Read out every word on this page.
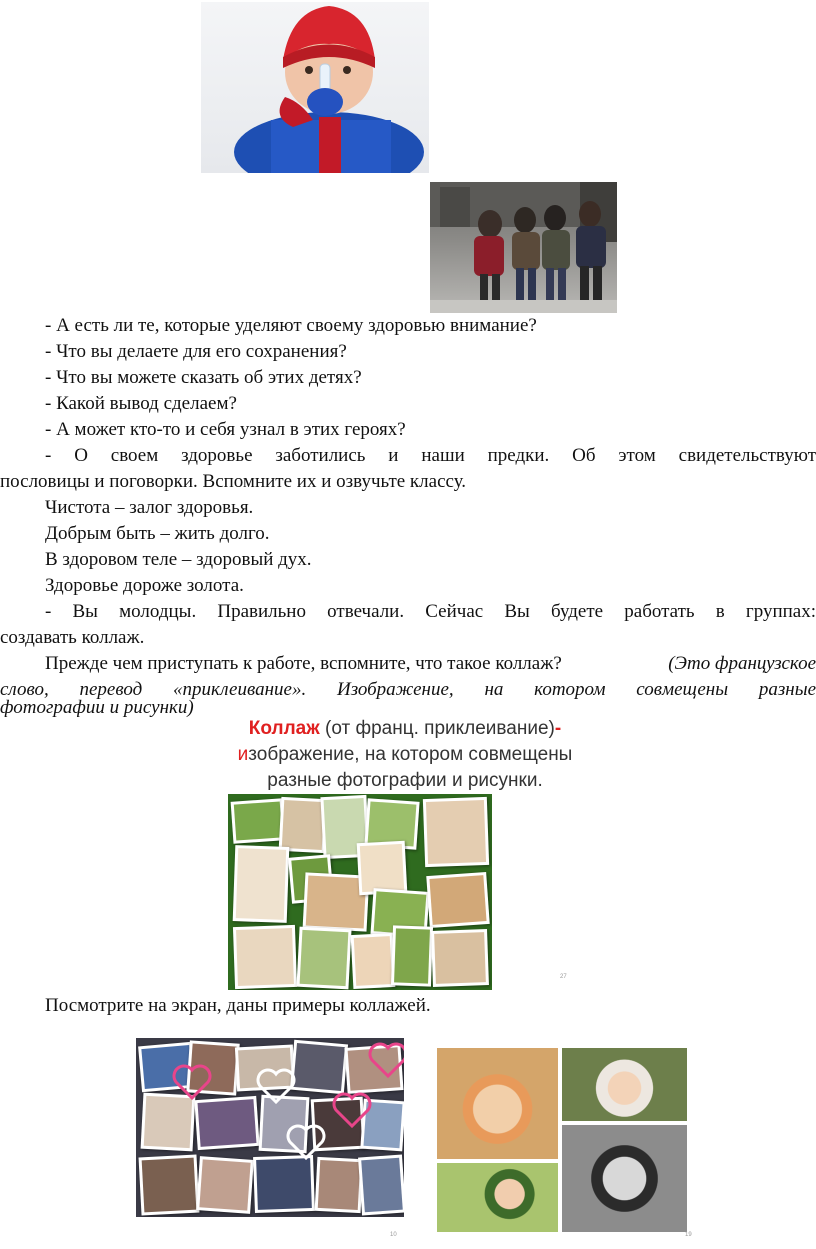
- А есть ли те, которые уделяют своему здоровью внимание?
- Что вы делаете для его сохранения?
- Что вы можете сказать об этих детях?
- Какой вывод сделаем?
- А может кто-то и себя узнал в этих героях?
- О своем здоровье заботились и наши предки. Об этом свидетельствуют
пословицы и поговорки. Вспомните их и озвучьте классу.
Чистота – залог здоровья.
Добрым быть – жить долго.
В здоровом теле – здоровый дух.
Здоровье дороже золота.
- Вы молодцы. Правильно отвечали. Сейчас Вы будете работать в группах:
создавать коллаж.
Прежде чем приступать к работе, вспомните, что такое коллаж?	(Это французское
слово, перевод «приклеивание». Изображение, на котором совмещены разные
фотографии и рисунки)
Коллаж (от франц. приклеивание)-
изображение, на котором совмещены
разные фотографии и рисунки.
27
Посмотрите на экран, даны примеры коллажей.
10	19
